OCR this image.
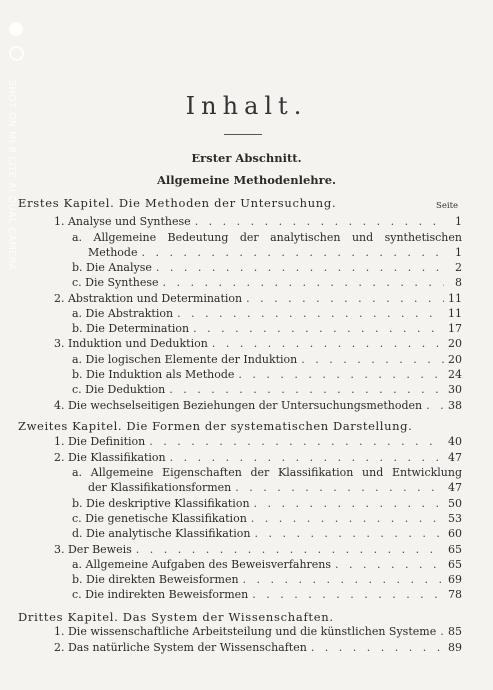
SHOT ON MI 8 LITE AI DUAL CAMERA	Inhalt.
Erster Abschnitt.
Allgemeine Methodenlehre.
Seite
Erstes Kapitel. Die Methoden der Untersuchung.
1. Analyse und Synthese . . .	1
a. Allgemeine Bedeutung der analytischen und synthetischen
Methode . . .	1
b. Die Analyse . . .	2
c. Die Synthese . . .	8
2. Abstraktion und Determination . . .	11
a. Die Abstraktion . . .	11
b. Die Determination . . .	17
3. Induktion und Deduktion . . .	20
a. Die logischen Elemente der Induktion . . .	20
b. Die Induktion als Methode . . .	24
c. Die Deduktion . . .	30
4. Die wechselseitigen Beziehungen der Untersuchungsmethoden . . . 38
Zweites Kapitel. Die Formen der systematischen Darstellung.
1. Die Definition . . .	40
2. Die Klassifikation . . .	47
a. Allgemeine Eigenschaften der Klassifikation und Entwicklung
der Klassifikationsformen . . .	47
b. Die deskriptive Klassifikation . . .	50
c. Die genetische Klassifikation . . .	53
d. Die analytische Klassifikation . . .	60
3. Der Beweis . . .	65
a. Allgemeine Aufgaben des Beweisverfahrens . . .	65
b. Die direkten Beweisformen . . .	69
c. Die indirekten Beweisformen . . .	78
Drittes Kapitel. Das System der Wissenschaften.
1. Die wissenschaftliche Arbeitsteilung und die künstlichen Systeme . . . 85
2. Das natürliche System der Wissenschaften . . .	89
